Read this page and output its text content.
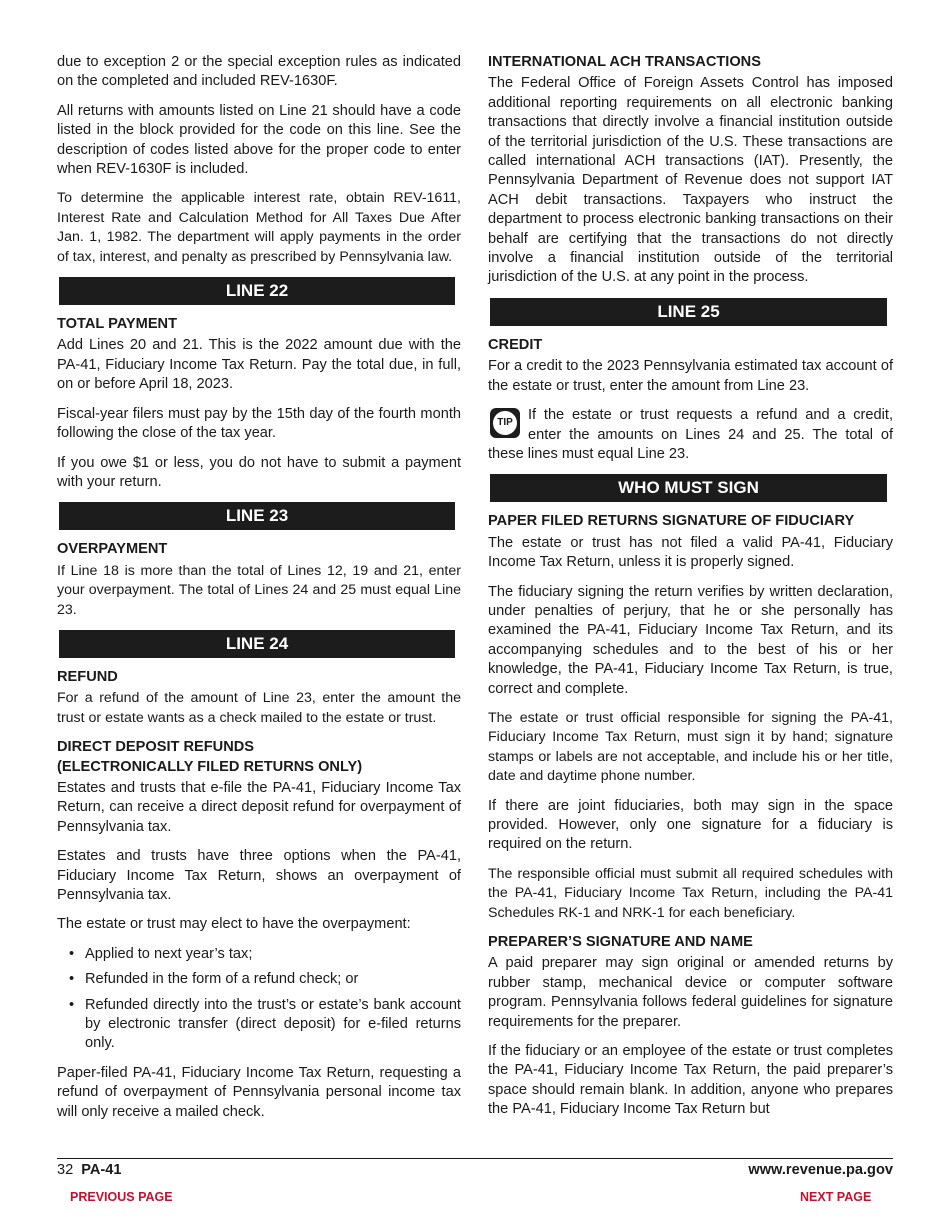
due to exception 2 or the special exception rules as indicated on the completed and included REV-1630F.

All returns with amounts listed on Line 21 should have a code listed in the block provided for the code on this line. See the description of codes listed above for the proper code to enter when REV-1630F is included.

To determine the applicable interest rate, obtain REV-1611, Interest Rate and Calculation Method for All Taxes Due After Jan. 1, 1982. The department will apply payments in the order of tax, interest, and penalty as prescribed by Pennsylvania law.

LINE 22
TOTAL PAYMENT

Add Lines 20 and 21. This is the 2022 amount due with the PA-41, Fiduciary Income Tax Return. Pay the total due, in full, on or before April 18, 2023.

Fiscal-year filers must pay by the 15th day of the fourth month following the close of the tax year.

If you owe $1 or less, you do not have to submit a payment with your return.

LINE 23
OVERPAYMENT

If Line 18 is more than the total of Lines 12, 19 and 21, enter your overpayment. The total of Lines 24 and 25 must equal Line 23.

LINE 24
REFUND

For a refund of the amount of Line 23, enter the amount the trust or estate wants as a check mailed to the estate or trust.

DIRECT DEPOSIT REFUNDS
(ELECTRONICALLY FILED RETURNS ONLY)

Estates and trusts that e-file the PA-41, Fiduciary Income Tax Return, can receive a direct deposit refund for overpayment of Pennsylvania tax.

Estates and trusts have three options when the PA-41, Fiduciary Income Tax Return, shows an overpayment of Pennsylvania tax.

The estate or trust may elect to have the overpayment:

• Applied to next year’s tax;
• Refunded in the form of a refund check; or
• Refunded directly into the trust’s or estate’s bank account by electronic transfer (direct deposit) for e-filed returns only.

Paper-filed PA-41, Fiduciary Income Tax Return, requesting a refund of overpayment of Pennsylvania personal income tax will only receive a mailed check.

INTERNATIONAL ACH TRANSACTIONS

The Federal Office of Foreign Assets Control has imposed additional reporting requirements on all electronic banking transactions that directly involve a financial institution outside of the territorial jurisdiction of the U.S. These transactions are called international ACH transactions (IAT). Presently, the Pennsylvania Department of Revenue does not support IAT ACH debit transactions. Taxpayers who instruct the department to process electronic banking transactions on their behalf are certifying that the transactions do not directly involve a financial institution outside of the territorial jurisdiction of the U.S. at any point in the process.

LINE 25
CREDIT

For a credit to the 2023 Pennsylvania estimated tax account of the estate or trust, enter the amount from Line 23.

TIP	If the estate or trust requests a refund and a credit, enter the amounts on Lines 24 and 25. The total of these lines must equal Line 23.

WHO MUST SIGN
PAPER FILED RETURNS SIGNATURE OF FIDUCIARY

The estate or trust has not filed a valid PA-41, Fiduciary Income Tax Return, unless it is properly signed.

The fiduciary signing the return verifies by written declaration, under penalties of perjury, that he or she personally has examined the PA-41, Fiduciary Income Tax Return, and its accompanying schedules and to the best of his or her knowledge, the PA-41, Fiduciary Income Tax Return, is true, correct and complete.

The estate or trust official responsible for signing the PA-41, Fiduciary Income Tax Return, must sign it by hand; signature stamps or labels are not acceptable, and include his or her title, date and daytime phone number.

If there are joint fiduciaries, both may sign in the space provided. However, only one signature for a fiduciary is required on the return.

The responsible official must submit all required schedules with the PA-41, Fiduciary Income Tax Return, including the PA-41 Schedules RK-1 and NRK-1 for each beneficiary.

PREPARER’S SIGNATURE AND NAME

A paid preparer may sign original or amended returns by rubber stamp, mechanical device or computer software program. Pennsylvania follows federal guidelines for signature requirements for the preparer.

If the fiduciary or an employee of the estate or trust completes the PA-41, Fiduciary Income Tax Return, the paid preparer’s space should remain blank. In addition, anyone who prepares the PA-41, Fiduciary Income Tax Return but

32 PA-41	www.revenue.pa.gov
PREVIOUS PAGE	NEXT PAGE
